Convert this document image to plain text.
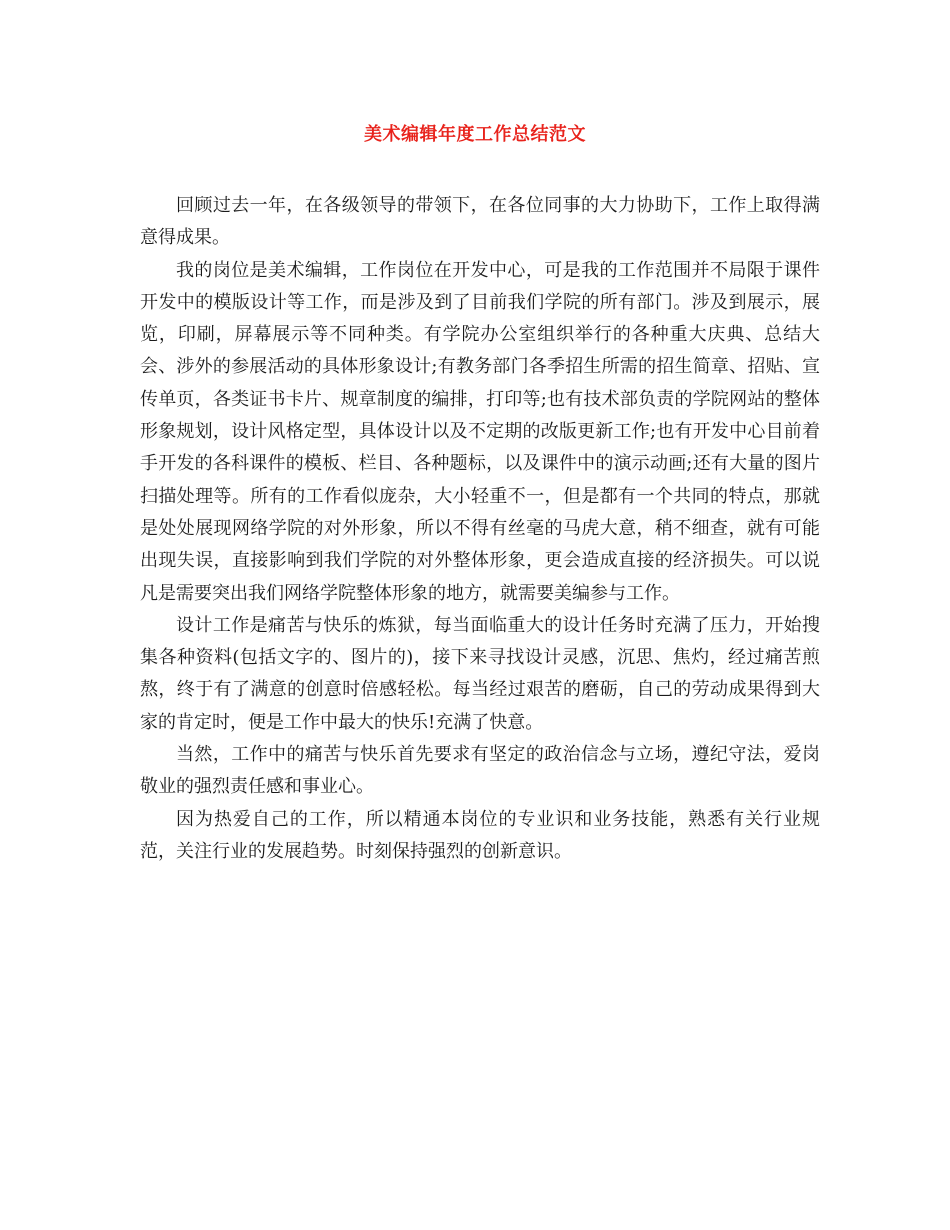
美术编辑年度工作总结范文

回顾过去一年，在各级领导的带领下，在各位同事的大力协助下，工作上取得满意得成果。

我的岗位是美术编辑，工作岗位在开发中心，可是我的工作范围并不局限于课件开发中的模版设计等工作，而是涉及到了目前我们学院的所有部门。涉及到展示，展览，印刷，屏幕展示等不同种类。有学院办公室组织举行的各种重大庆典、总结大会、涉外的参展活动的具体形象设计;有教务部门各季招生所需的招生简章、招贴、宣传单页，各类证书卡片、规章制度的编排，打印等;也有技术部负责的学院网站的整体形象规划，设计风格定型，具体设计以及不定期的改版更新工作;也有开发中心目前着手开发的各科课件的模板、栏目、各种题标，以及课件中的演示动画;还有大量的图片扫描处理等。所有的工作看似庞杂，大小轻重不一，但是都有一个共同的特点，那就是处处展现网络学院的对外形象，所以不得有丝毫的马虎大意，稍不细查，就有可能出现失误，直接影响到我们学院的对外整体形象，更会造成直接的经济损失。可以说凡是需要突出我们网络学院整体形象的地方，就需要美编参与工作。

设计工作是痛苦与快乐的炼狱，每当面临重大的设计任务时充满了压力，开始搜集各种资料(包括文字的、图片的)，接下来寻找设计灵感，沉思、焦灼，经过痛苦煎熬，终于有了满意的创意时倍感轻松。每当经过艰苦的磨砺，自己的劳动成果得到大家的肯定时，便是工作中最大的快乐!充满了快意。

当然，工作中的痛苦与快乐首先要求有坚定的政治信念与立场，遵纪守法，爱岗敬业的强烈责任感和事业心。

因为热爱自己的工作，所以精通本岗位的专业识和业务技能，熟悉有关行业规范，关注行业的发展趋势。时刻保持强烈的创新意识。
